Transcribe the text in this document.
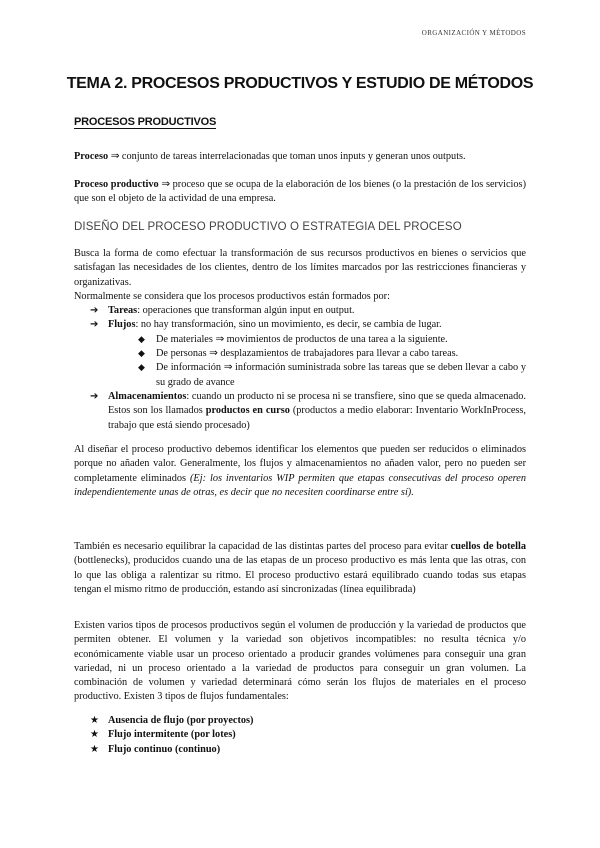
ORGANIZACIÓN Y MÉTODOS
TEMA 2. PROCESOS PRODUCTIVOS Y ESTUDIO DE MÉTODOS
PROCESOS PRODUCTIVOS

Proceso ⇒ conjunto de tareas interrelacionadas que toman unos inputs y generan unos outputs.

Proceso productivo ⇒ proceso que se ocupa de la elaboración de los bienes (o la prestación de los servicios) que son el objeto de la actividad de una empresa.

DISEÑO DEL PROCESO PRODUCTIVO O ESTRATEGIA DEL PROCESO

Busca la forma de como efectuar la transformación de sus recursos productivos en bienes o servicios que satisfagan las necesidades de los clientes, dentro de los límites marcados por las restricciones financieras y organizativas.

Normalmente se considera que los procesos productivos están formados por:

➔ Tareas: operaciones que transforman algún input en output.
➔ Flujos: no hay transformación, sino un movimiento, es decir, se cambia de lugar.
◆ De materiales ⇒ movimientos de productos de una tarea a la siguiente.
◆ De personas ⇒ desplazamientos de trabajadores para llevar a cabo tareas.
◆ De información ⇒ información suministrada sobre las tareas que se deben llevar a cabo y su grado de avance
➔ Almacenamientos: cuando un producto ni se procesa ni se transfiere, sino que se queda almacenado. Estos son los llamados productos en curso (productos a medio elaborar: Inventario WorkInProcess, trabajo que está siendo procesado)

Al diseñar el proceso productivo debemos identificar los elementos que pueden ser reducidos o eliminados porque no añaden valor. Generalmente, los flujos y almacenamientos no añaden valor, pero no pueden ser completamente eliminados (Ej: los inventarios WIP permiten que etapas consecutivas del proceso operen independientemente unas de otras, es decir que no necesiten coordinarse entre sí).

También es necesario equilibrar la capacidad de las distintas partes del proceso para evitar cuellos de botella (bottlenecks), producidos cuando una de las etapas de un proceso productivo es más lenta que las otras, con lo que las obliga a ralentizar su ritmo. El proceso productivo estará equilibrado cuando todas sus etapas tengan el mismo ritmo de producción, estando así sincronizadas (línea equilibrada)

Existen varios tipos de procesos productivos según el volumen de producción y la variedad de productos que permiten obtener. El volumen y la variedad son objetivos incompatibles: no resulta técnica y/o económicamente viable usar un proceso orientado a producir grandes volúmenes para conseguir una gran variedad, ni un proceso orientado a la variedad de productos para conseguir un gran volumen. La combinación de volumen y variedad determinará cómo serán los flujos de materiales en el proceso productivo. Existen 3 tipos de flujos fundamentales:

★ Ausencia de flujo (por proyectos)
★ Flujo intermitente (por lotes)
★ Flujo continuo (continuo)
